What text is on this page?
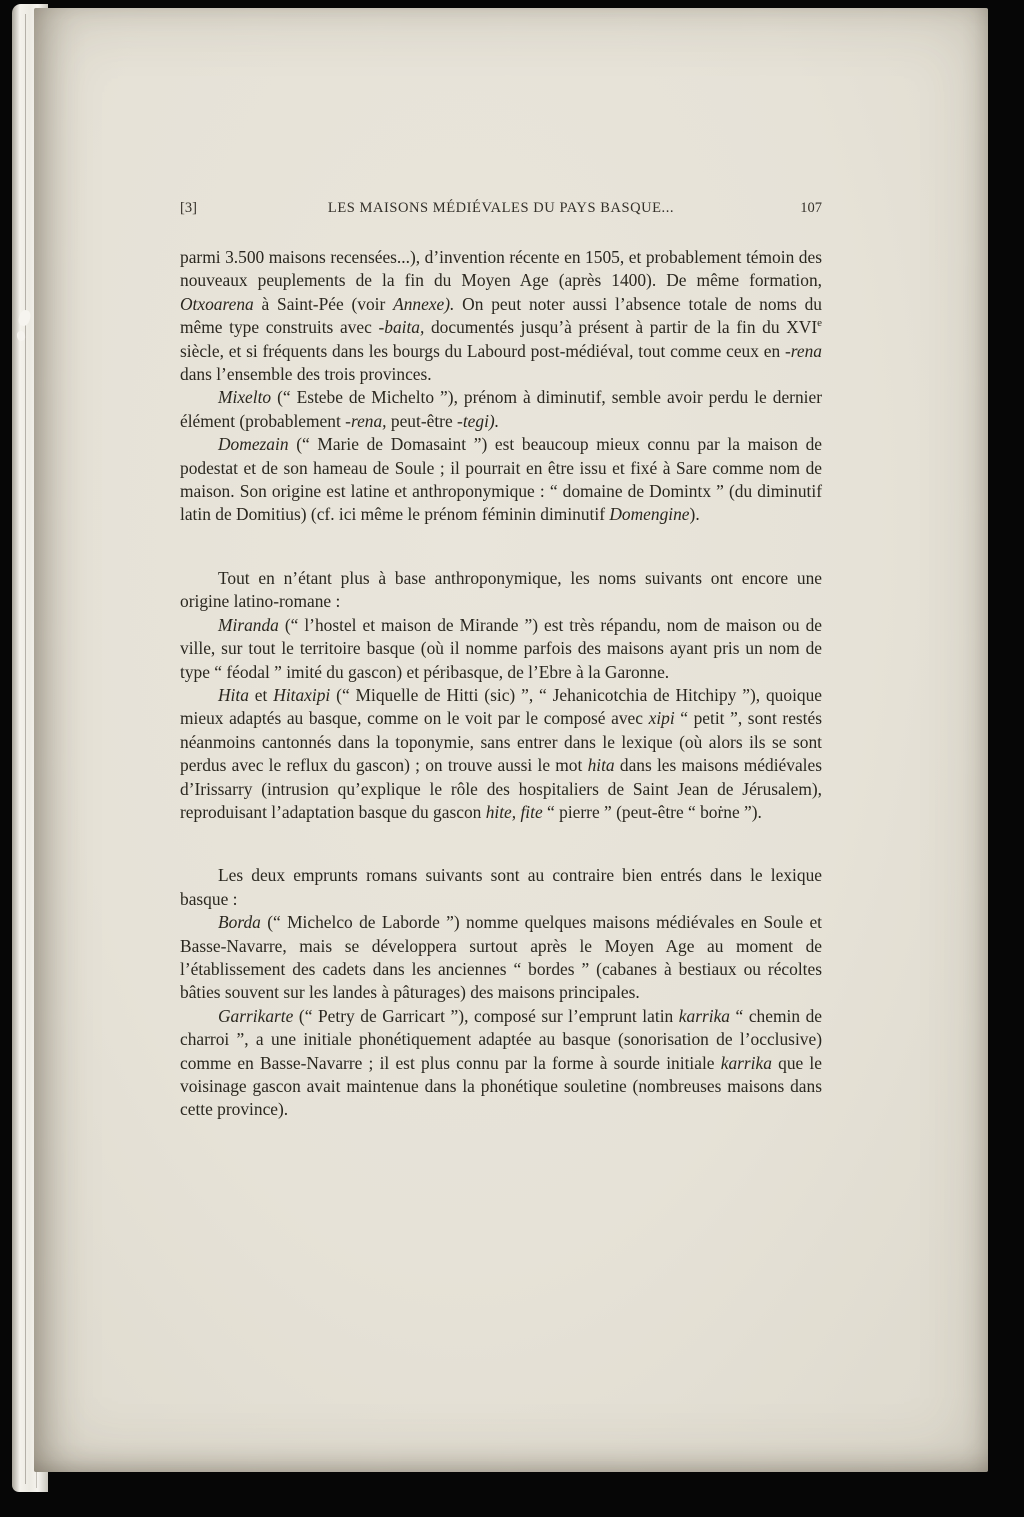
[3]	LES MAISONS MÉDIÉVALES DU PAYS BASQUE...	107

parmi 3.500 maisons recensées...), d’invention récente en 1505, et probablement témoin des nouveaux peuplements de la fin du Moyen Age (après 1400). De même formation, Otxoarena à Saint-Pée (voir Annexe). On peut noter aussi l’absence totale de noms du même type construits avec -baita, documentés jusqu’à présent à partir de la fin du XVIe siècle, et si fréquents dans les bourgs du Labourd post-médiéval, tout comme ceux en -rena dans l’ensemble des trois provinces.

Mixelto (“ Estebe de Michelto ”), prénom à diminutif, semble avoir perdu le dernier élément (probablement -rena, peut-être -tegi).

Domezain (“ Marie de Domasaint ”) est beaucoup mieux connu par la maison de podestat et de son hameau de Soule ; il pourrait en être issu et fixé à Sare comme nom de maison. Son origine est latine et anthroponymique : “ domaine de Domintx ” (du diminutif latin de Domitius) (cf. ici même le prénom féminin diminutif Domengine).

Tout en n’étant plus à base anthroponymique, les noms suivants ont encore une origine latino-romane :

Miranda (“ l’hostel et maison de Mirande ”) est très répandu, nom de maison ou de ville, sur tout le territoire basque (où il nomme parfois des maisons ayant pris un nom de type “ féodal ” imité du gascon) et péribasque, de l’Ebre à la Garonne.

Hita et Hitaxipi (“ Miquelle de Hitti (sic) ”, “ Jehanicotchia de Hitchipy ”), quoique mieux adaptés au basque, comme on le voit par le composé avec xipi “ petit ”, sont restés néanmoins cantonnés dans la toponymie, sans entrer dans le lexique (où alors ils se sont perdus avec le reflux du gascon) ; on trouve aussi le mot hita dans les maisons médiévales d’Irissarry (intrusion qu’explique le rôle des hospitaliers de Saint Jean de Jérusalem), reproduisant l’adaptation basque du gascon hite, fite “ pierre ” (peut-être “ boṙne ”).

Les deux emprunts romans suivants sont au contraire bien entrés dans le lexique basque :

Borda (“ Michelco de Laborde ”) nomme quelques maisons médiévales en Soule et Basse-Navarre, mais se développera surtout après le Moyen Age au moment de l’établissement des cadets dans les anciennes “ bordes ” (cabanes à bestiaux ou récoltes bâties souvent sur les landes à pâturages) des maisons principales.

Garrikarte (“ Petry de Garricart ”), composé sur l’emprunt latin karrika “ chemin de charroi ”, a une initiale phonétiquement adaptée au basque (sonorisation de l’occlusive) comme en Basse-Navarre ; il est plus connu par la forme à sourde initiale karrika que le voisinage gascon avait maintenue dans la phonétique souletine (nombreuses maisons dans cette province).
